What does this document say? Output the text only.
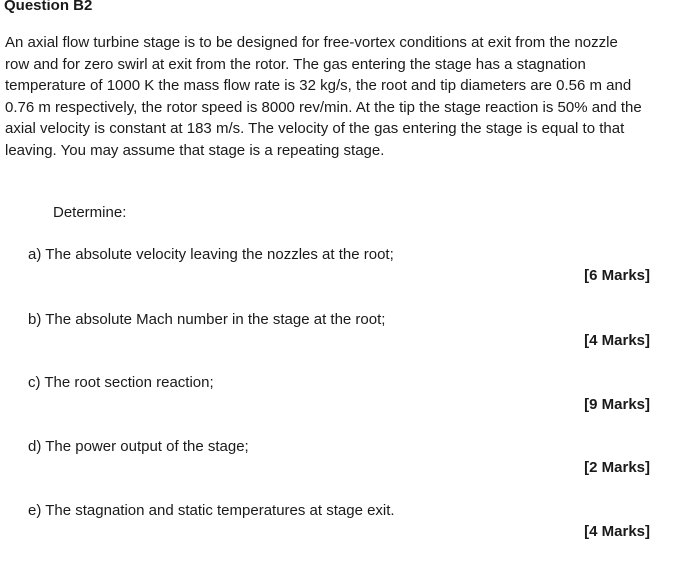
Question B2

An axial flow turbine stage is to be designed for free-vortex conditions at exit from the nozzle row and for zero swirl at exit from the rotor. The gas entering the stage has a stagnation temperature of 1000 K the mass flow rate is 32 kg/s, the root and tip diameters are 0.56 m and 0.76 m respectively, the rotor speed is 8000 rev/min. At the tip the stage reaction is 50% and the axial velocity is constant at 183 m/s. The velocity of the gas entering the stage is equal to that leaving. You may assume that stage is a repeating stage.

Determine:

a) The absolute velocity leaving the nozzles at the root;

[6 Marks]

b) The absolute Mach number in the stage at the root;

[4 Marks]

c) The root section reaction;

[9 Marks]

d) The power output of the stage;

[2 Marks]

e) The stagnation and static temperatures at stage exit.

[4 Marks]
